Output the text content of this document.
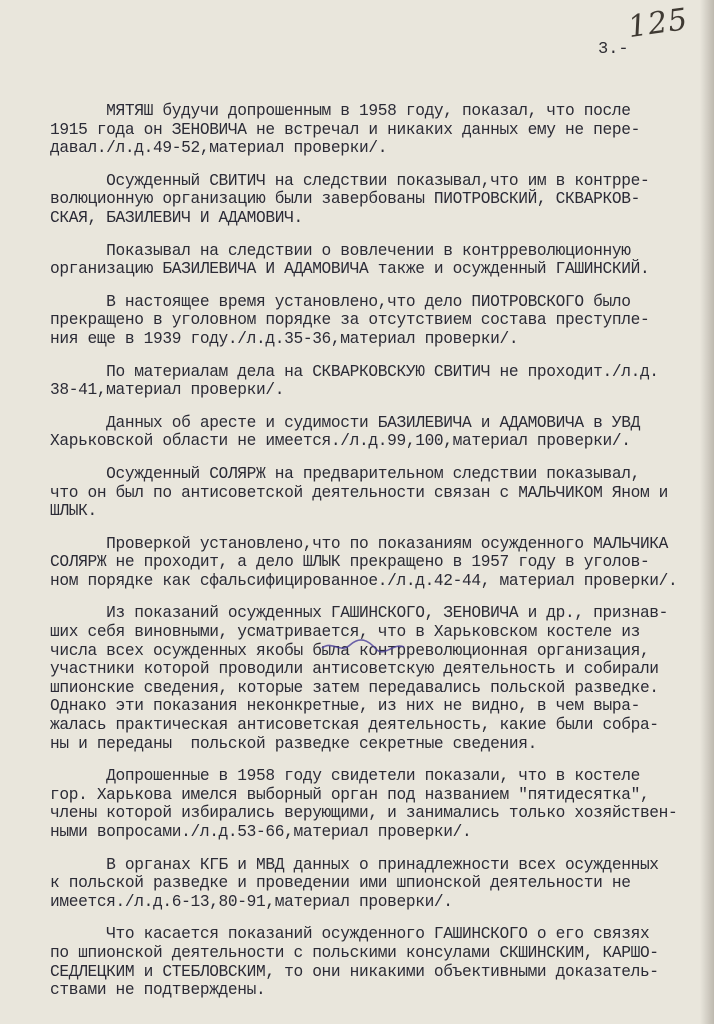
125
3.-
МЯТЯШ будучи допрошенным в 1958 году, показал, что после
1915 года он ЗЕНОВИЧА не встречал и никаких данных ему не пере-
давал./л.д.49-52,материал проверки/.
Осужденный СВИТИЧ на следствии показывал,что им в контрре-
волюционную организацию были завербованы ПИОТРОВСКИЙ, СКВАРКОВ-
СКАЯ, БАЗИЛЕВИЧ И АДАМОВИЧ.
Показывал на следствии о вовлечении в контрреволюционную
организацию БАЗИЛЕВИЧА И АДАМОВИЧА также и осужденный ГАШИНСКИЙ.
В настоящее время установлено,что дело ПИОТРОВСКОГО было
прекращено в уголовном порядке за отсутствием состава преступле-
ния еще в 1939 году./л.д.35-36,материал проверки/.
По материалам дела на СКВАРКОВСКУЮ СВИТИЧ не проходит./л.д.
38-41,материал проверки/.
Данных об аресте и судимости БАЗИЛЕВИЧА и АДАМОВИЧА в УВД
Харьковской области не имеется./л.д.99,100,материал проверки/.
Осужденный СОЛЯРЖ на предварительном следствии показывал,
что он был по антисоветской деятельности связан с МАЛЬЧИКОМ Яном и
ШЛЫК.
Проверкой установлено,что по показаниям осужденного МАЛЬЧИКА
СОЛЯРЖ не проходит, а дело ШЛЫК прекращено в 1957 году в уголов-
ном порядке как сфальсифицированное./л.д.42-44, материал проверки/.
Из показаний осужденных ГАШИНСКОГО, ЗЕНОВИЧА и др., признав-
ших себя виновными, усматривается, что в Харьковском костеле из
числа всех осужденных якобы была контрреволюционная организация,
участники которой проводили антисоветскую деятельность и собирали
шпионские сведения, которые затем передавались польской разведке.
Однако эти показания неконкретные, из них не видно, в чем выра-
жалась практическая антисоветская деятельность, какие были собра-
ны и переданы  польской разведке секретные сведения.
Допрошенные в 1958 году свидетели показали, что в костеле
гор. Харькова имелся выборный орган под названием "пятидесятка",
члены которой избирались верующими, и занимались только хозяйствен-
ными вопросами./л.д.53-66,материал проверки/.
В органах КГБ и МВД данных о принадлежности всех осужденных
к польской разведке и проведении ими шпионской деятельности не
имеется./л.д.6-13,80-91,материал проверки/.
Что касается показаний осужденного ГАШИНСКОГО о его связях
по шпионской деятельности с польскими консулами СКШИНСКИМ, КАРШО-
СЕДЛЕЦКИМ и СТЕБЛОВСКИМ, то они никакими объективными доказатель-
ствами не подтверждены.
